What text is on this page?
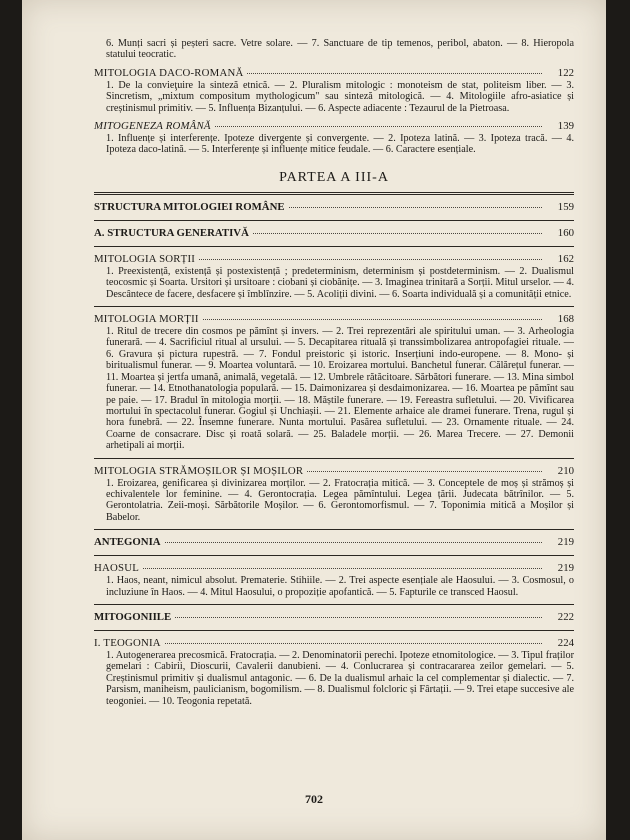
6. Munți sacri și peșteri sacre. Vetre solare. — 7. Sanctuare de tip temenos, peribol, abaton. — 8. Hieropola statului teocratic.
MITOLOGIA DACO-ROMANĂ	122
1. De la convieţuire la sinteză etnică. — 2. Pluralism mitologic : monoteism de stat, politeism liber. — 3. Sincretism, „mixtum compositum mythologicum" sau sinteză mitologică. — 4. Mitologiile afro-asiatice și creștinismul primitiv. — 5. Influența Bizanțului. — 6. Aspecte adiacente : Tezaurul de la Pietroasa.
MITOGENEZA ROMÂNĂ	139
1. Influențe și interferențe. Ipoteze divergente și convergente. — 2. Ipoteza latină. — 3. Ipoteza tracă. — 4. Ipoteza daco-latină. — 5. Interferențe și influențe mitice feudale. — 6. Caractere esențiale.
PARTEA A III-A
STRUCTURA MITOLOGIEI ROMÂNE	159
A. STRUCTURA GENERATIVĂ	160
MITOLOGIA SORȚII	162
1. Preexistență, existență și postexistență ; predeterminism, determinism și postdeterminism. — 2. Dualismul teocosmic și Soarta. Ursitori și ursitoare : ciobani și ciobănițe. — 3. Imaginea trinitară a Sorții. Mitul urselor. — 4. Descântece de facere, desfacere și îmblînzire. — 5. Acoliții divini. — 6. Soarta individuală și a comunității etnice.
MITOLOGIA MORȚII	168
1. Ritul de trecere din cosmos pe pămînt și invers. — 2. Trei reprezentări ale spiritului uman. — 3. Arheologia funerară. — 4. Sacrificiul ritual al ursului. — 5. Decapitarea rituală și transsimbolizarea antropofagiei rituale. — 6. Gravura și pictura rupestră. — 7. Fondul preistoric și istoric. Inserțiuni indo-europene. — 8. Mono- și biritualismul funerar. — 9. Moartea voluntară. — 10. Eroizarea mortului. Banchetul funerar. Călărețul funerar. — 11. Moartea și jertfa umană, animală, vegetală. — 12. Umbrele rătăcitoare. Sărbători funerare. — 13. Mina simbol funerar. — 14. Etnothanatologia populară. — 15. Daimonizarea și desdaimonizarea. — 16. Moartea pe pămînt sau pe paie. — 17. Bradul în mitologia morții. — 18. Măștile funerare. — 19. Fereastra sufletului. — 20. Vivificarea mortului în spectacolul funerar. Gogiul și Unchiașii. — 21. Elemente arhaice ale dramei funerare. Trena, rugul și hora funebră. — 22. Însemne funerare. Nunta mortului. Pasărea sufletului. — 23. Ornamente rituale. — 24. Coarne de consacrare. Disc și roată solară. — 25. Baladele morții. — 26. Marea Trecere. — 27. Demonii arhetipali ai morții.
MITOLOGIA STRĂMOȘILOR ȘI MOȘILOR	210
1. Eroizarea, genificarea și divinizarea morților. — 2. Fratocrația mitică. — 3. Conceptele de moș și strămoș și echivalentele lor feminine. — 4. Gerontocrația. Legea pămîntului. Legea țării. Judecata bătrînilor. — 5. Gerontolatria. Zeii-moși. Sărbătorile Moșilor. — 6. Gerontomorfismul. — 7. Toponimia mitică a Moșilor și Babelor.
ANTEGONIA	219
HAOSUL	219
1. Haos, neant, nimicul absolut. Prematerie. Stihiile. — 2. Trei aspecte esențiale ale Haosului. — 3. Cosmosul, o incluziune în Haos. — 4. Mitul Haosului, o propoziție apofantică. — 5. Fapturile ce transced Haosul.
MITOGONIILE	222
I. TEOGONIA	224
1. Autogenerarea precosmică. Fratocrația. — 2. Denominatorii perechi. Ipoteze etnomitologice. — 3. Tipul fraților gemelari : Cabirii, Dioscurii, Cavalerii danubieni. — 4. Conlucrarea și contracararea zeilor gemelari. — 5. Creștinismul primitiv și dualismul antagonic. — 6. De la dualismul arhaic la cel complementar și dialectic. — 7. Parsism, maniheism, paulicianism, bogomilism. — 8. Dualismul folcloric și Fârtații. — 9. Trei etape succesive ale teogoniei. — 10. Teogonia repetată.
702
